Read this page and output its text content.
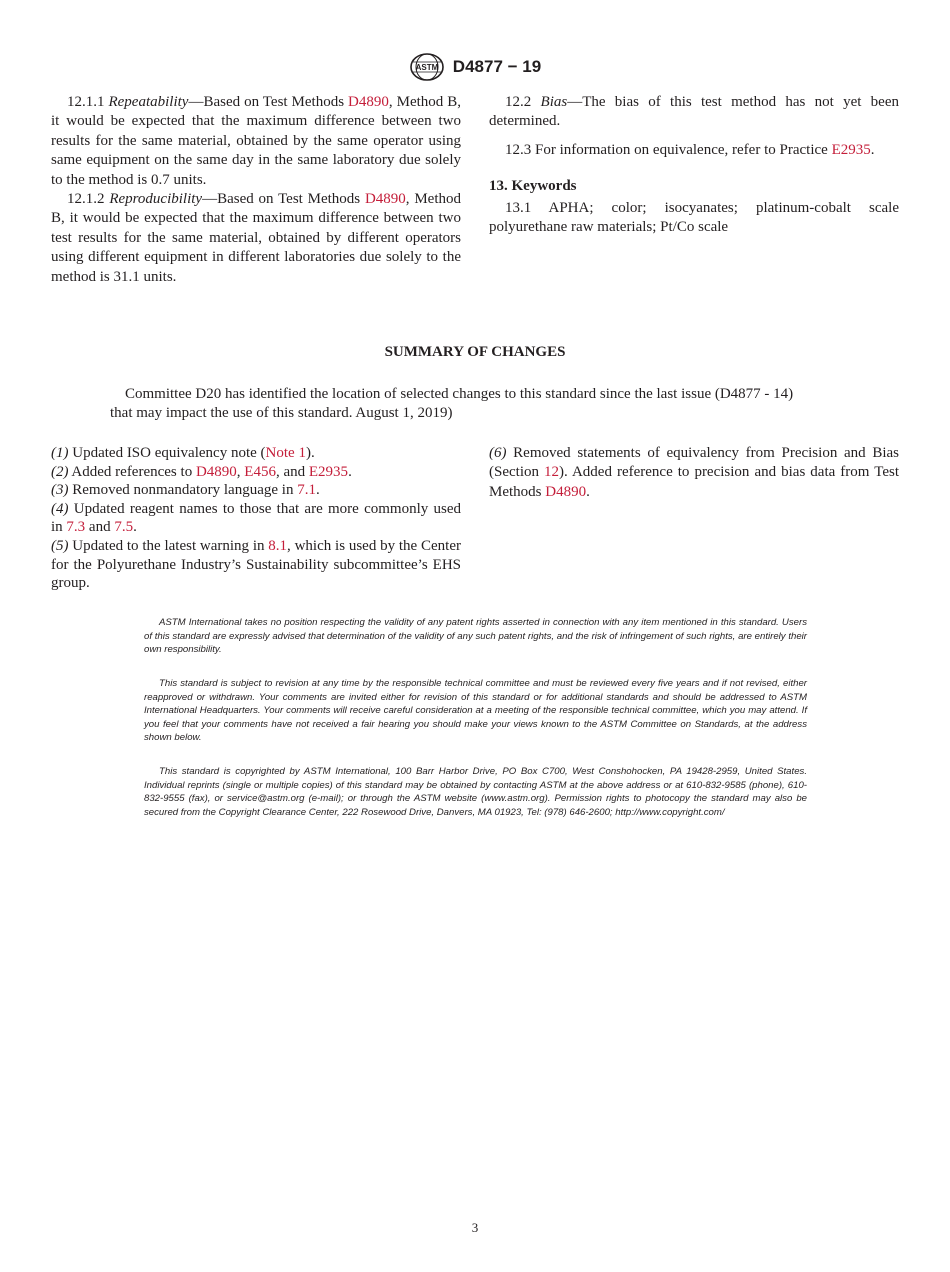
ASTM D4877 − 19

12.1.1 Repeatability—Based on Test Methods D4890, Method B, it would be expected that the maximum difference between two results for the same material, obtained by the same operator using same equipment on the same day in the same laboratory due solely to the method is 0.7 units.

12.1.2 Reproducibility—Based on Test Methods D4890, Method B, it would be expected that the maximum difference between two test results for the same material, obtained by different operators using different equipment in different laboratories due solely to the method is 31.1 units.

12.2 Bias—The bias of this test method has not yet been determined.

12.3 For information on equivalence, refer to Practice E2935.

13. Keywords

13.1 APHA; color; isocyanates; platinum-cobalt scale polyurethane raw materials; Pt/Co scale

SUMMARY OF CHANGES

Committee D20 has identified the location of selected changes to this standard since the last issue (D4877 - 14)

that may impact the use of this standard. August 1, 2019)

(1) Updated ISO equivalency note (Note 1).

(2) Added references to D4890, E456, and E2935.

(3) Removed nonmandatory language in 7.1.

(4) Updated reagent names to those that are more commonly used in 7.3 and 7.5.

(5) Updated to the latest warning in 8.1, which is used by the Center for the Polyurethane Industry’s Sustainability subcommittee’s EHS group.

(6) Removed statements of equivalency from Precision and Bias (Section 12). Added reference to precision and bias data from Test Methods D4890.

ASTM International takes no position respecting the validity of any patent rights asserted in connection with any item mentioned in this standard. Users of this standard are expressly advised that determination of the validity of any such patent rights, and the risk of infringement of such rights, are entirely their own responsibility.

This standard is subject to revision at any time by the responsible technical committee and must be reviewed every five years and if not revised, either reapproved or withdrawn. Your comments are invited either for revision of this standard or for additional standards and should be addressed to ASTM International Headquarters. Your comments will receive careful consideration at a meeting of the responsible technical committee, which you may attend. If you feel that your comments have not received a fair hearing you should make your views known to the ASTM Committee on Standards, at the address shown below.

This standard is copyrighted by ASTM International, 100 Barr Harbor Drive, PO Box C700, West Conshohocken, PA 19428-2959, United States. Individual reprints (single or multiple copies) of this standard may be obtained by contacting ASTM at the above address or at 610-832-9585 (phone), 610-832-9555 (fax), or service@astm.org (e-mail); or through the ASTM website (www.astm.org). Permission rights to photocopy the standard may also be secured from the Copyright Clearance Center, 222 Rosewood Drive, Danvers, MA 01923, Tel: (978) 646-2600; http://www.copyright.com/

3
